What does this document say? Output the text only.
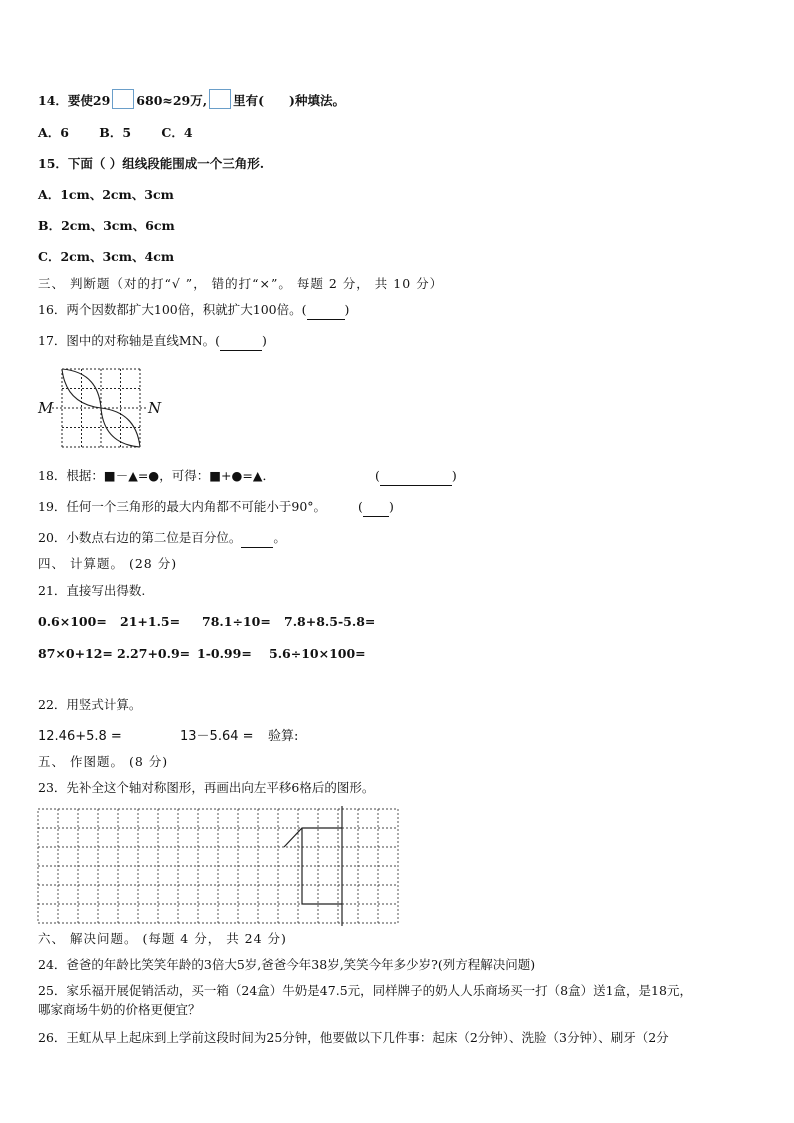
14．要使29 680≈29万, 里有(　　)种填法。
A．6 B．5 C．4
15．下面（ ）组线段能围成一个三角形.
A．1cm、2cm、3cm
B．2cm、3cm、6cm
C．2cm、3cm、4cm
三、 判断题（对的打“√ ”， 错的打“×”。 每题 2 分， 共 10 分）
16．两个因数都扩大100倍，积就扩大100倍。(	)
17．图中的对称轴是直线MN。(	)
M	N
18．根据：■－▲=●，可得：■+●=▲．	(	)
19．任何一个三角形的最大内角都不可能小于90°。	( )
20．小数点右边的第二位是百分位。	。
四、 计算题。 (28 分)
21．直接写出得数.
0.6×100= 21+1.5= 78.1÷10= 7.8+8.5-5.8=
87×0+12= 2.27+0.9= 1-0.99= 5.6÷10×100=
22．用竖式计算。
12.46+5.8 =	13－5.64 = 验算:
五、 作图题。 (8 分)
23．先补全这个轴对称图形，再画出向左平移6格后的图形。
六、 解决问题。 (每题 4 分， 共 24 分)
24．爸爸的年龄比笑笑年龄的3倍大5岁,爸爸今年38岁,笑笑今年多少岁?(列方程解决问题)
25．家乐福开展促销活动，买一箱（24盒）牛奶是47.5元，同样牌子的奶人人乐商场买一打（8盒）送1盒，是18元，
哪家商场牛奶的价格更便宜？
26．王虹从早上起床到上学前这段时间为25分钟，他要做以下几件事：起床（2分钟）、洗脸（3分钟）、刷牙（2分
